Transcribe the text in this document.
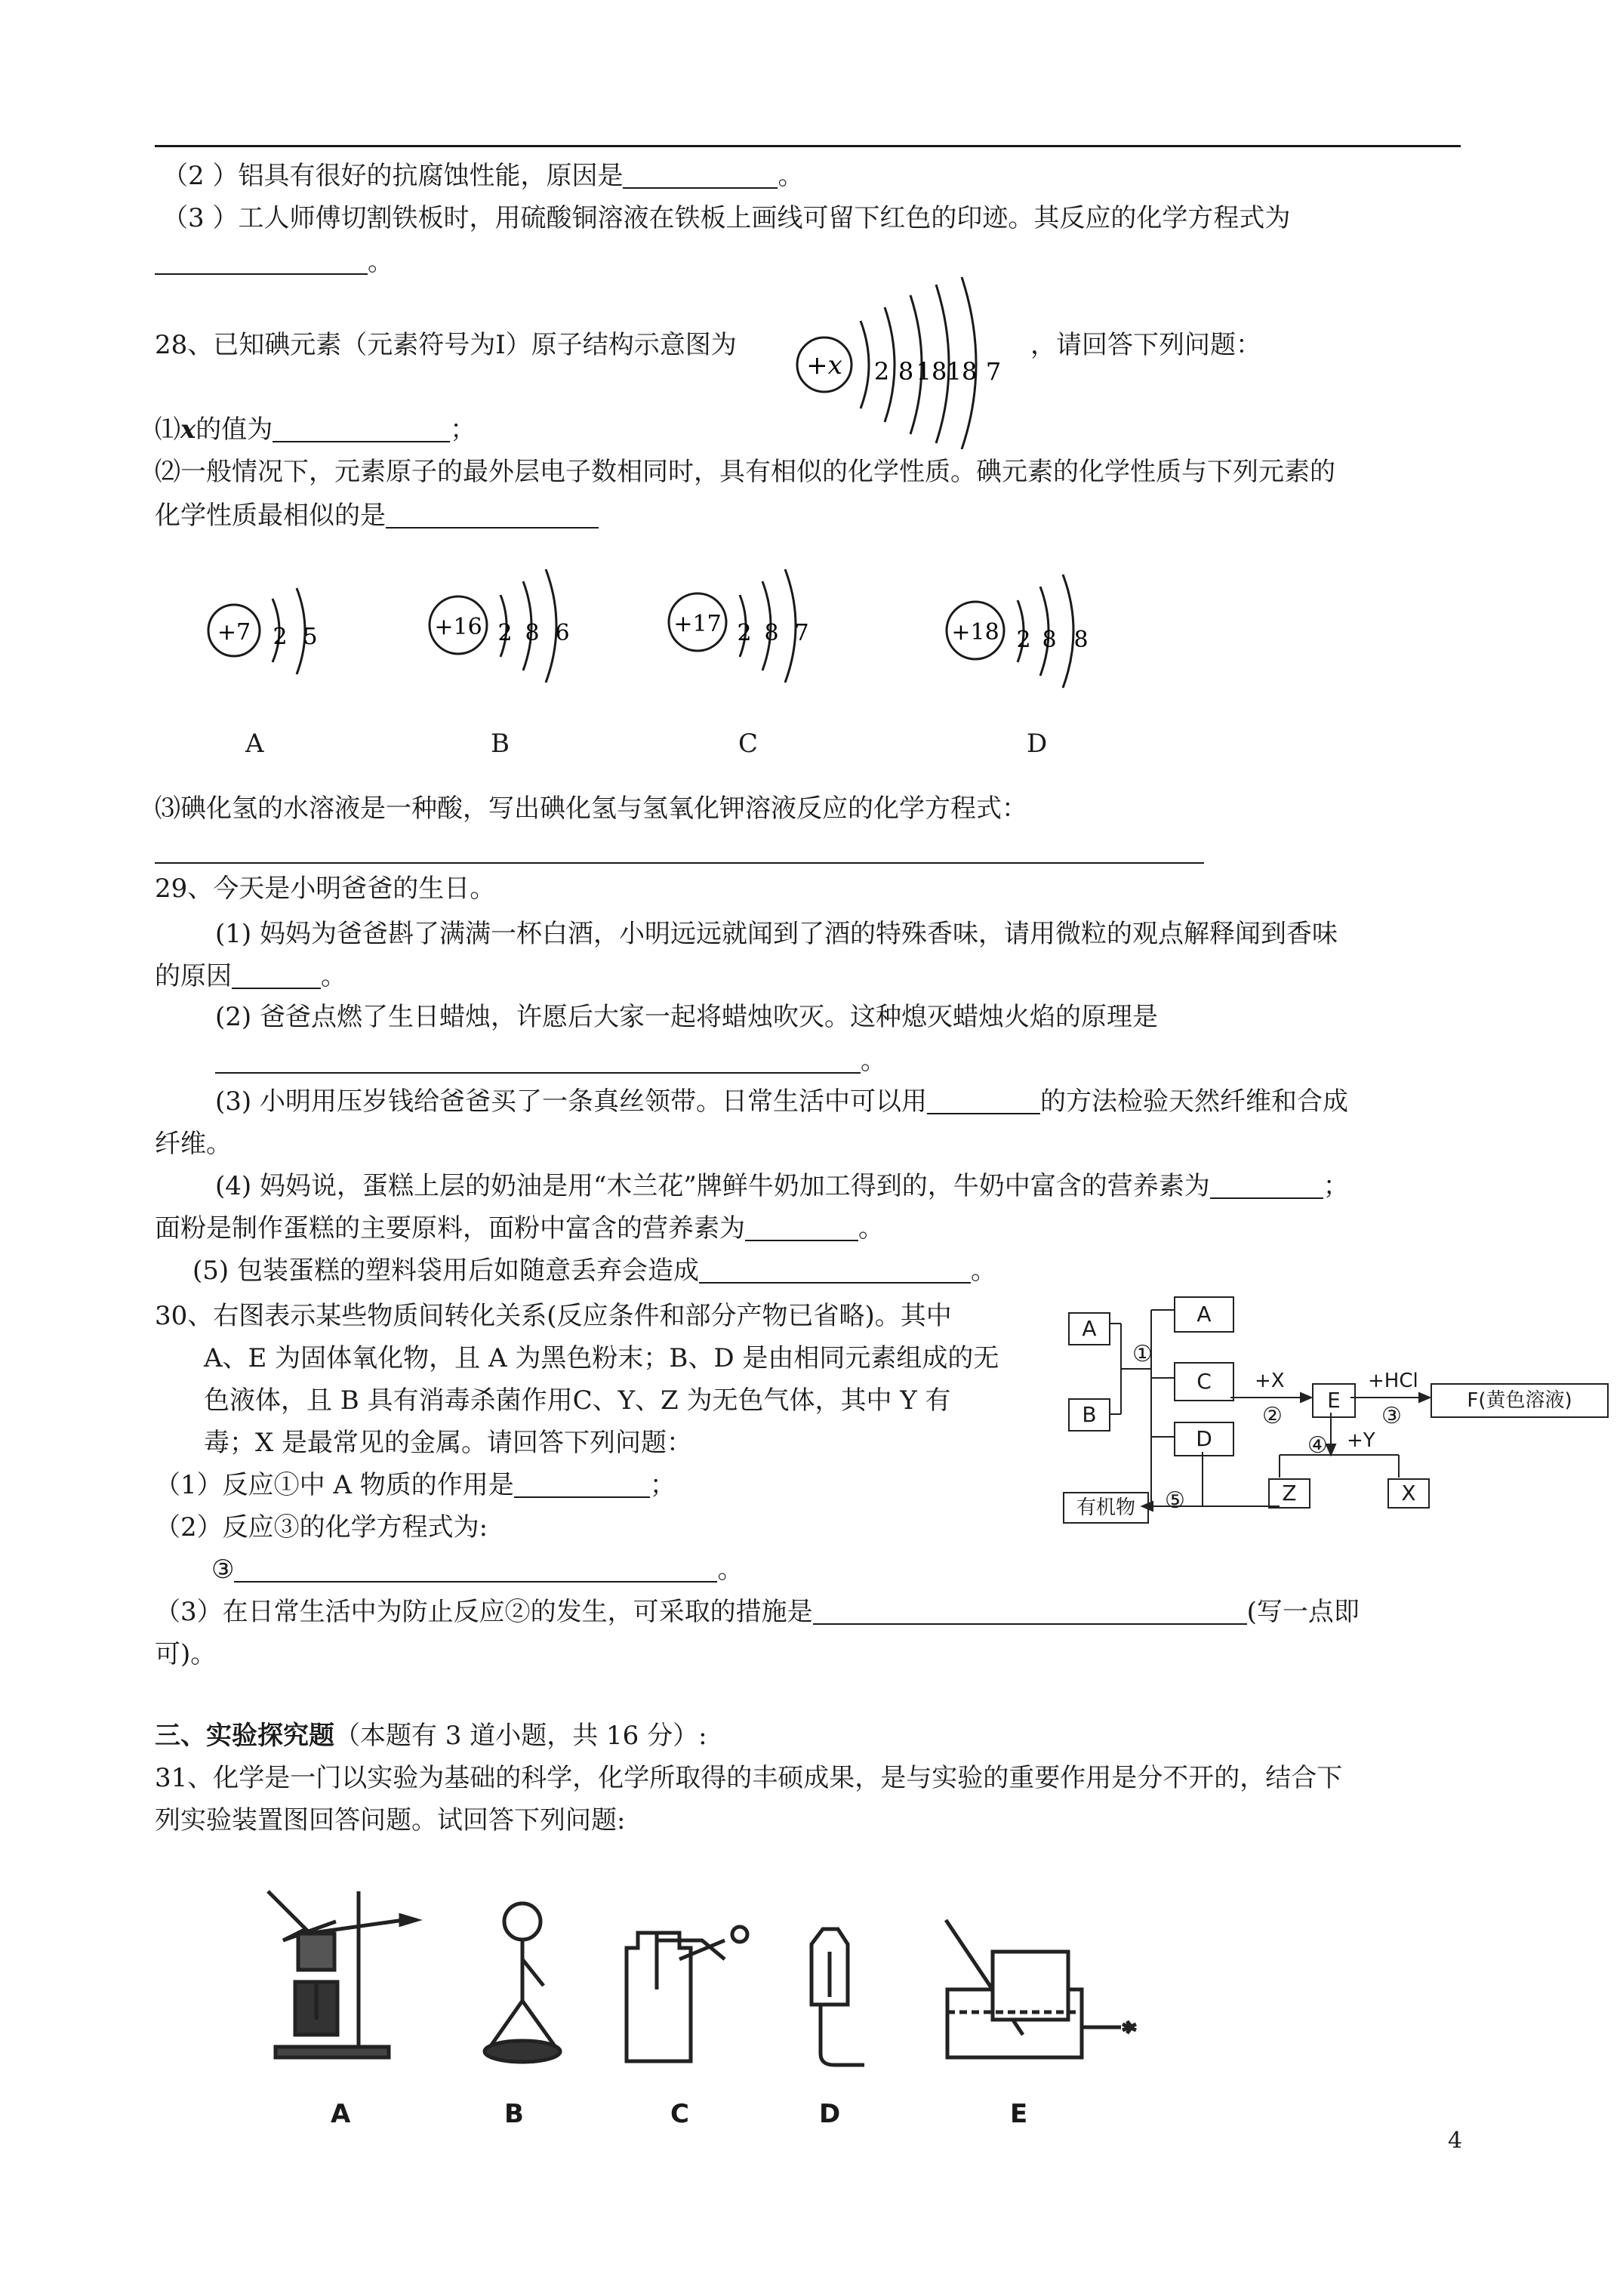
（2 ）铝具有很好的抗腐蚀性能，原因是	。
（3 ）工人师傅切割铁板时，用硫酸铜溶液在铁板上画线可留下红色的印迹。其反应的化学方程式为
。
28、已知碘元素（元素符号为I）原子结构示意图为	，请回答下列问题：
+x 2 8 18 18 7
⑴x的值为	；
⑵一般情况下，元素原子的最外层电子数相同时，具有相似的化学性质。碘元素的化学性质与下列元素的
化学性质最相似的是
+7 2 5	+16 2 8 6	+17 2 8 7	+18 2 8 8
A	B	C	D
⑶碘化氢的水溶液是一种酸，写出碘化氢与氢氧化钾溶液反应的化学方程式：
29、今天是小明爸爸的生日。
(1) 妈妈为爸爸斟了满满一杯白酒，小明远远就闻到了酒的特殊香味，请用微粒的观点解释闻到香味
的原因	。
(2) 爸爸点燃了生日蜡烛，许愿后大家一起将蜡烛吹灭。这种熄灭蜡烛火焰的原理是
。
(3) 小明用压岁钱给爸爸买了一条真丝领带。日常生活中可以用	的方法检验天然纤维和合成
纤维。
(4) 妈妈说，蛋糕上层的奶油是用“木兰花”牌鲜牛奶加工得到的，牛奶中富含的营养素为	；
面粉是制作蛋糕的主要原料，面粉中富含的营养素为	。
(5) 包装蛋糕的塑料袋用后如随意丢弃会造成	。
30、右图表示某些物质间转化关系(反应条件和部分产物已省略)。其中
A、E 为固体氧化物，且 A 为黑色粉末；B、D 是由相同元素组成的无
色液体，且 B 具有消毒杀菌作用C、Y、Z 为无色气体，其中 Y 有
毒；X 是最常见的金属。请回答下列问题：
（1）反应①中 A 物质的作用是	；
（2）反应③的化学方程式为:
③	。
（3）在日常生活中为防止反应②的发生，可采取的措施是	(写一点即
可)。
A
B
A
C
D
E	F(黄色溶液)
Z	X
有机物
①
+X
②
+HCl
③
④ +Y
⑤
三、实验探究题（本题有 3 道小题，共 16 分）:
31、化学是一门以实验为基础的科学，化学所取得的丰硕成果，是与实验的重要作用是分不开的，结合下
列实验装置图回答问题。试回答下列问题:
A	B	C	D	E
4
